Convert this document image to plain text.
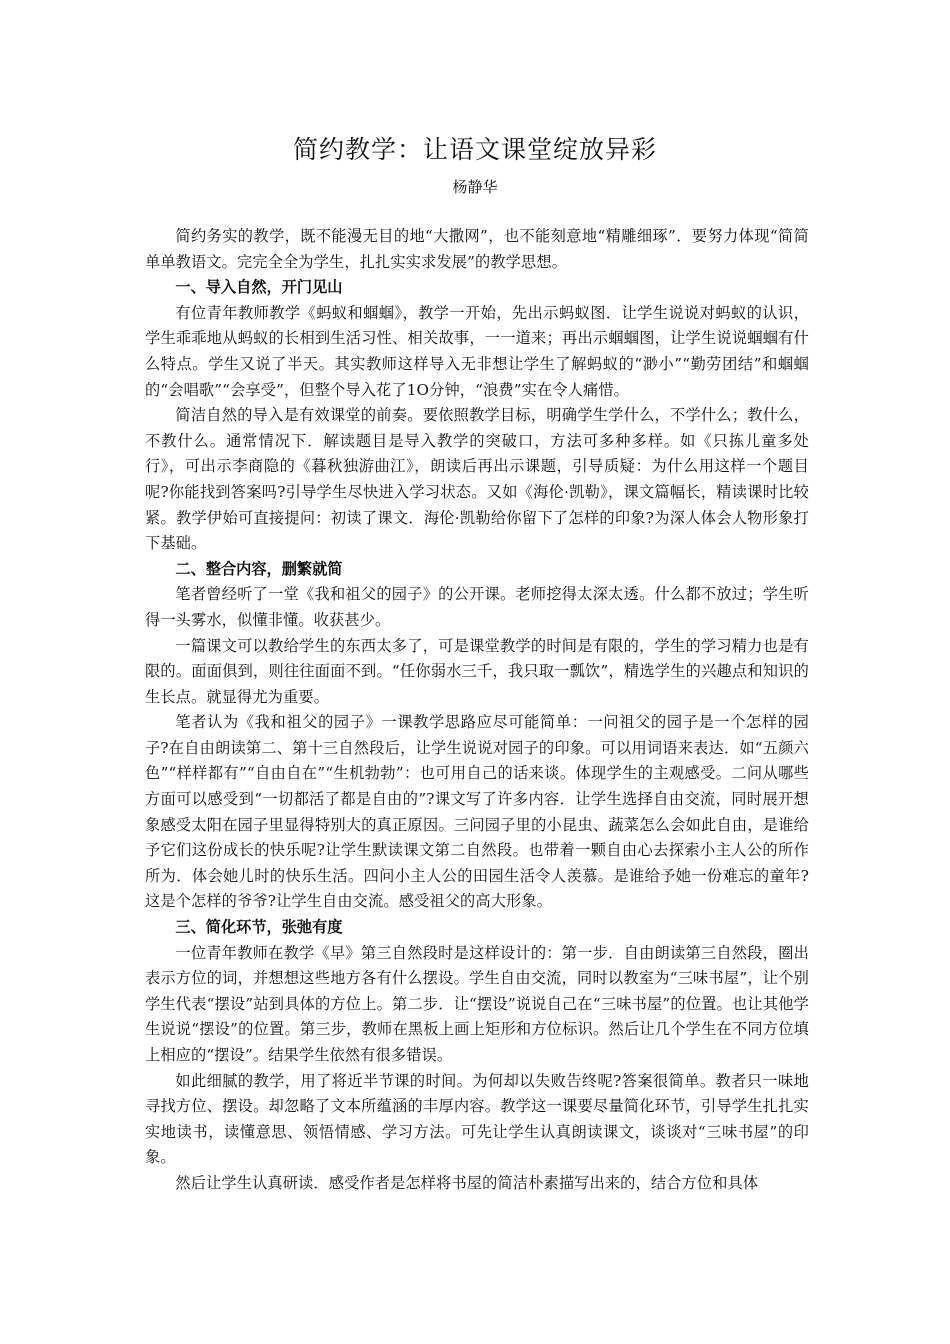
简约教学：让语文课堂绽放异彩
杨静华

简约务实的教学，既不能漫无目的地“大撒网”，也不能刻意地“精雕细琢”．要努力体现“简简单单教语文。完完全全为学生，扎扎实实求发展”的教学思想。

一、导入自然，开门见山

有位青年教师教学《蚂蚁和蝈蝈》，教学一开始，先出示蚂蚁图．让学生说说对蚂蚁的认识，学生乖乖地从蚂蚁的长相到生活习性、相关故事，一一道来；再出示蝈蝈图，让学生说说蝈蝈有什么特点。学生又说了半天。其实教师这样导入无非想让学生了解蚂蚁的“渺小”“勤劳团结”和蝈蝈的“会唱歌”“会享受”，但整个导入花了1O分钟，“浪费”实在令人痛惜。

简洁自然的导入是有效课堂的前奏。要依照教学目标，明确学生学什么，不学什么；教什么，不教什么。通常情况下．解读题目是导入教学的突破口，方法可多种多样。如《只拣儿童多处行》，可出示李商隐的《暮秋独游曲江》，朗读后再出示课题，引导质疑：为什么用这样一个题目呢?你能找到答案吗?引导学生尽快进入学习状态。又如《海伦·凯勒》，课文篇幅长，精读课时比较紧。教学伊始可直接提问：初读了课文．海伦·凯勒给你留下了怎样的印象?为深人体会人物形象打下基础。

二、整合内容，删繁就简

笔者曾经听了一堂《我和祖父的园子》的公开课。老师挖得太深太透。什么都不放过；学生听得一头雾水，似懂非懂。收获甚少。

一篇课文可以教给学生的东西太多了，可是课堂教学的时间是有限的，学生的学习精力也是有限的。面面俱到，则往往面面不到。“任你弱水三千，我只取一瓢饮”，精选学生的兴趣点和知识的生长点。就显得尤为重要。

笔者认为《我和祖父的园子》一课教学思路应尽可能简单：一问祖父的园子是一个怎样的园子?在自由朗读第二、第十三自然段后，让学生说说对园子的印象。可以用词语来表达．如“五颜六色”“样样都有”“自由自在”“生机勃勃”：也可用自己的话来谈。体现学生的主观感受。二问从哪些方面可以感受到“一切都活了都是自由的”?课文写了许多内容．让学生选择自由交流，同时展开想象感受太阳在园子里显得特别大的真正原因。三问园子里的小昆虫、蔬菜怎么会如此自由，是谁给予它们这份成长的快乐呢?让学生默读课文第二自然段。也带着一颗自由心去探索小主人公的所作所为．体会她儿时的快乐生活。四问小主人公的田园生活令人羡慕。是谁给予她一份难忘的童年?这是个怎样的爷爷?让学生自由交流。感受祖父的高大形象。

三、简化环节，张弛有度

一位青年教师在教学《早》第三自然段时是这样设计的：第一步．自由朗读第三自然段，圈出表示方位的词，并想想这些地方各有什么摆设。学生自由交流，同时以教室为“三味书屋”，让个别学生代表“摆设”站到具体的方位上。第二步．让“摆设”说说自己在“三味书屋”的位置。也让其他学生说说“摆设”的位置。第三步，教师在黑板上画上矩形和方位标识。然后让几个学生在不同方位填上相应的“摆设”。结果学生依然有很多错误。

如此细腻的教学，用了将近半节课的时间。为何却以失败告终呢?答案很简单。教者只一味地寻找方位、摆设。却忽略了文本所蕴涵的丰厚内容。教学这一课要尽量简化环节，引导学生扎扎实实地读书，读懂意思、领悟情感、学习方法。可先让学生认真朗读课文，谈谈对“三味书屋”的印象。

然后让学生认真研读．感受作者是怎样将书屋的简洁朴素描写出来的，结合方位和具体
